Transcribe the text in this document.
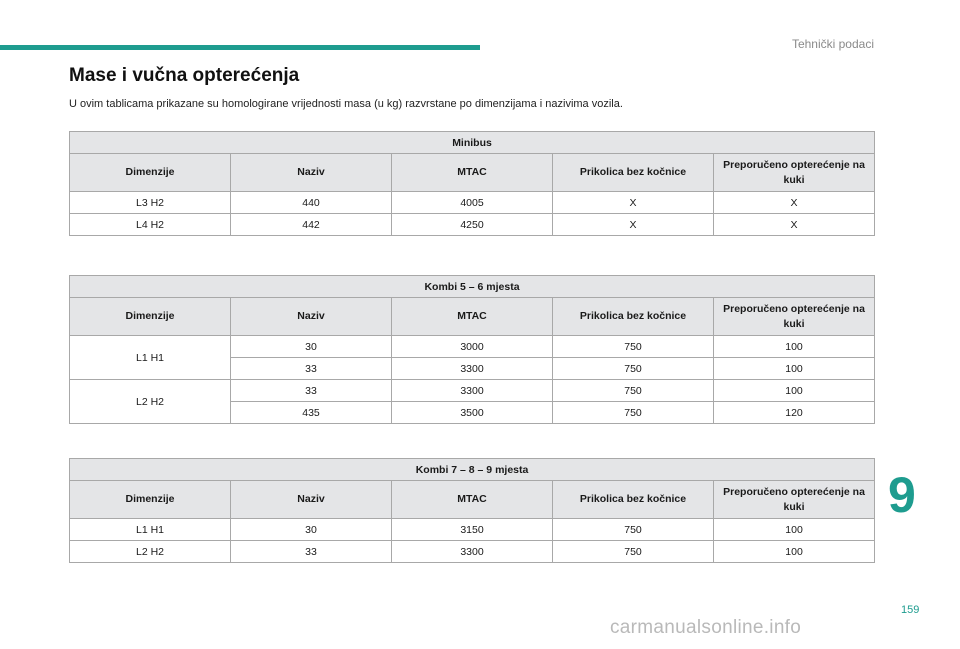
Tehnički podaci
Mase i vučna opterećenja

U ovim tablicama prikazane su homologirane vrijednosti masa (u kg) razvrstane po dimenzijama i nazivima vozila.

Minibus				
Dimenzije	Naziv	MTAC	Prikolica bez kočnice	Preporučeno opterećenje na kuki
L3 H2	440	4005	X	X
L4 H2	442	4250	X	X
Kombi 5 – 6 mjesta				
Dimenzije	Naziv	MTAC	Prikolica bez kočnice	Preporučeno opterećenje na kuki
L1 H1	30	3000	750	100
	33	3300	750	100
L2 H2	33	3300	750	100
	435	3500	750	120
Kombi 7 – 8 – 9 mjesta				
Dimenzije	Naziv	MTAC	Prikolica bez kočnice	Preporučeno opterećenje na kuki
L1 H1	30	3150	750	100
L2 H2	33	3300	750	100
9
159
carmanualsonline.info
